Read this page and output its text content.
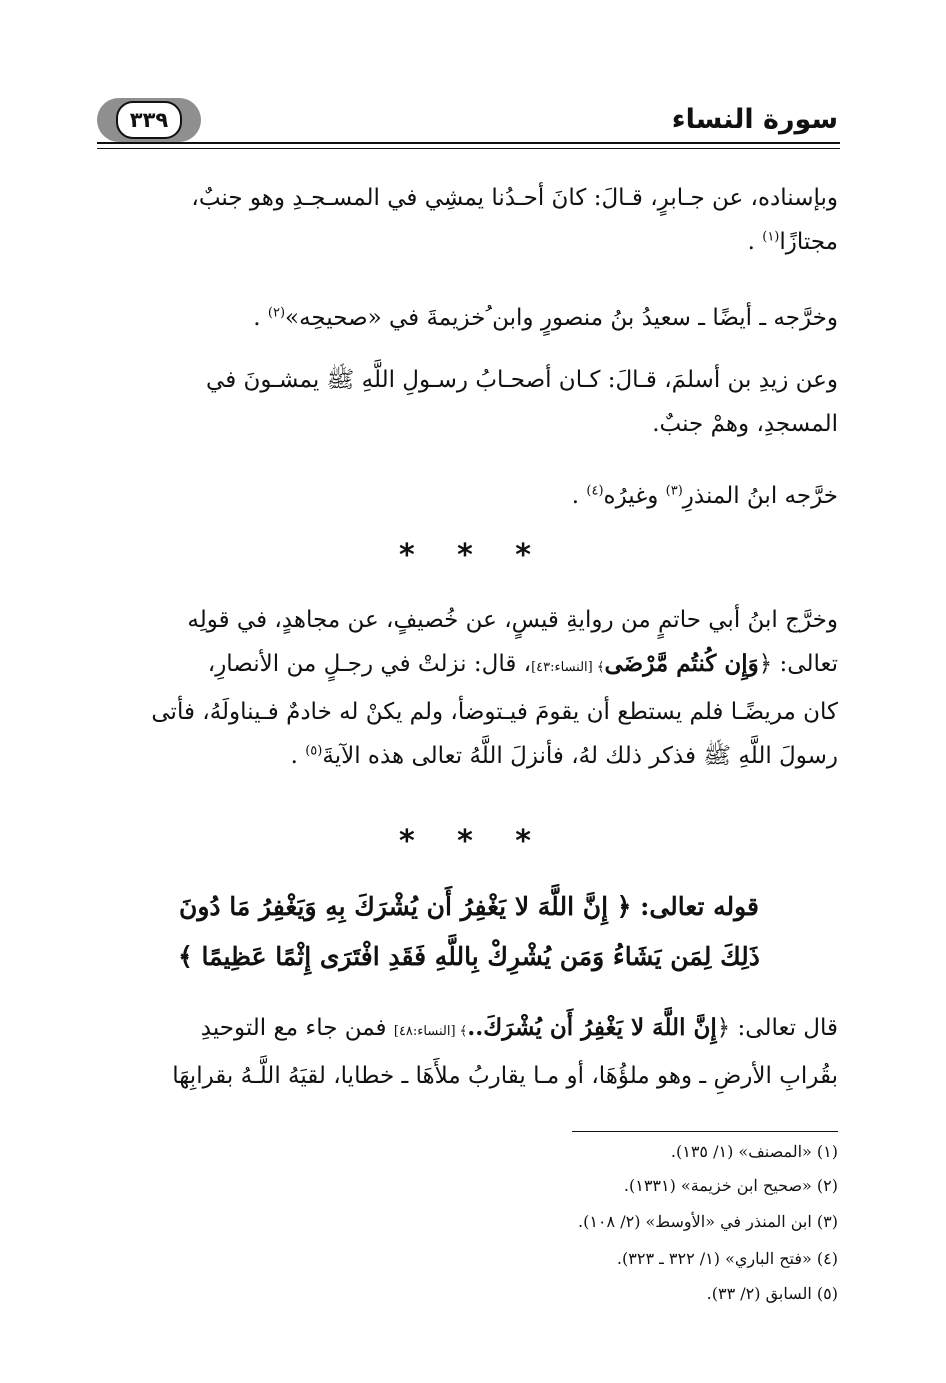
سورة النساء
٣٣٩
وبإسناده، عن جـابرٍ، قـالَ: كانَ أحـدُنا يمشِي في المسـجـدِ وهو جنبٌ،
مجتازًا$^{(١)}$ .
وخرَّجه ـ أيضًا ـ سعيدُ بنُ منصورٍ وابن ُخزيمةَ في «صحيحِه»$^{(٢)}$ .
وعن زيدِ بن أسلمَ، قـالَ: كـان أصحـابُ رسـولِ اللَّهِ ﷺ يمشـونَ في
المسجدِ، وهمْ جنبٌ.
خرَّجه ابنُ المنذرِ$^{(٣)}$ وغيرُه$^{(٤)}$ .
* * *
وخرَّج ابنُ أبي حاتمٍ من روايةِ قيسٍ، عن خُصيفٍ، عن مجاهدٍ، في قولِه
تعالى: ﴿وَإِن كُنتُم مَّرْضَى﴾ [النساء:٤٣]، قال: نزلتْ في رجـلٍ من الأنصارِ،
كان مريضًـا فلم يستطع أن يقومَ فيـتوضأ، ولم يكنْ له خادمٌ فـيناولَهُ، فأتى
رسولَ اللَّهِ ﷺ فذكر ذلك لهُ، فأنزلَ اللَّهُ تعالى هذه الآيةَ$^{(٥)}$ .
* * *
قوله تعالى: ﴿ إِنَّ اللَّهَ لا يَغْفِرُ أَن يُشْرَكَ بِهِ وَيَغْفِرُ مَا دُونَ
ذَلِكَ لِمَن يَشَاءُ وَمَن يُشْرِكْ بِاللَّهِ فَقَدِ افْتَرَى إِثْمًا عَظِيمًا ﴾
قال تعالى: ﴿إِنَّ اللَّهَ لا يَغْفِرُ أَن يُشْرَكَ..﴾ [النساء:٤٨] فمن جاء مع التوحيدِ
بقُرابِ الأرضِ ـ وهو ملؤُهَا، أو مـا يقاربُ ملأَهَا ـ خطايا، لقيَهُ اللَّـهُ بقرابِهَا
(١) «المصنف» (١/ ١٣٥).
(٢) «صحيح ابن خزيمة» (١٣٣١).
(٣) ابن المنذر في «الأوسط» (٢/ ١٠٨).
(٤) «فتح الباري» (١/ ٣٢٢ ـ ٣٢٣).
(٥) السابق (٢/ ٣٣).
